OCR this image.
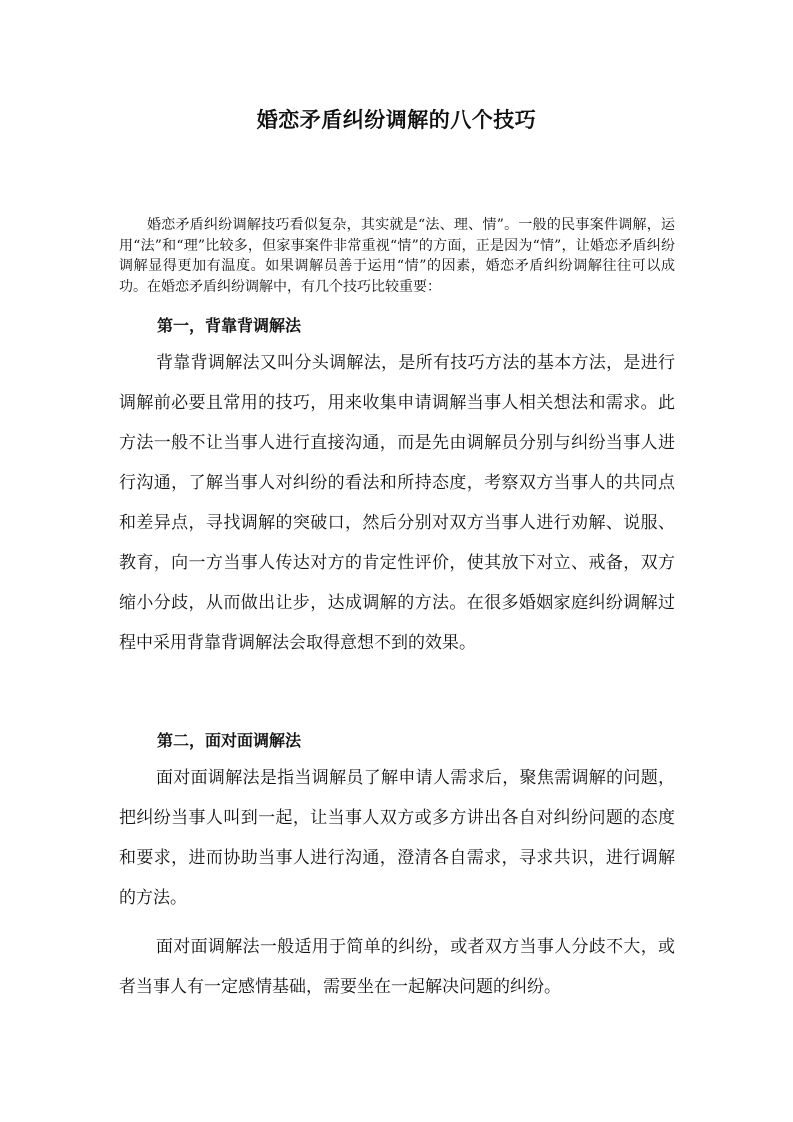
婚恋矛盾纠纷调解的八个技巧

婚恋矛盾纠纷调解技巧看似复杂，其实就是“法、理、情”。一般的民事案件调解，运用“法”和“理”比较多，但家事案件非常重视“情”的方面，正是因为“情”，让婚恋矛盾纠纷调解显得更加有温度。如果调解员善于运用“情”的因素，婚恋矛盾纠纷调解往往可以成功。在婚恋矛盾纠纷调解中，有几个技巧比较重要：

第一，背靠背调解法

背靠背调解法又叫分头调解法，是所有技巧方法的基本方法，是进行调解前必要且常用的技巧，用来收集申请调解当事人相关想法和需求。此方法一般不让当事人进行直接沟通，而是先由调解员分别与纠纷当事人进行沟通，了解当事人对纠纷的看法和所持态度，考察双方当事人的共同点和差异点，寻找调解的突破口，然后分别对双方当事人进行劝解、说服、教育，向一方当事人传达对方的肯定性评价，使其放下对立、戒备，双方缩小分歧，从而做出让步，达成调解的方法。在很多婚姻家庭纠纷调解过程中采用背靠背调解法会取得意想不到的效果。

第二，面对面调解法

面对面调解法是指当调解员了解申请人需求后，聚焦需调解的问题，把纠纷当事人叫到一起，让当事人双方或多方讲出各自对纠纷问题的态度和要求，进而协助当事人进行沟通，澄清各自需求，寻求共识，进行调解的方法。

面对面调解法一般适用于简单的纠纷，或者双方当事人分歧不大，或者当事人有一定感情基础，需要坐在一起解决问题的纠纷。
